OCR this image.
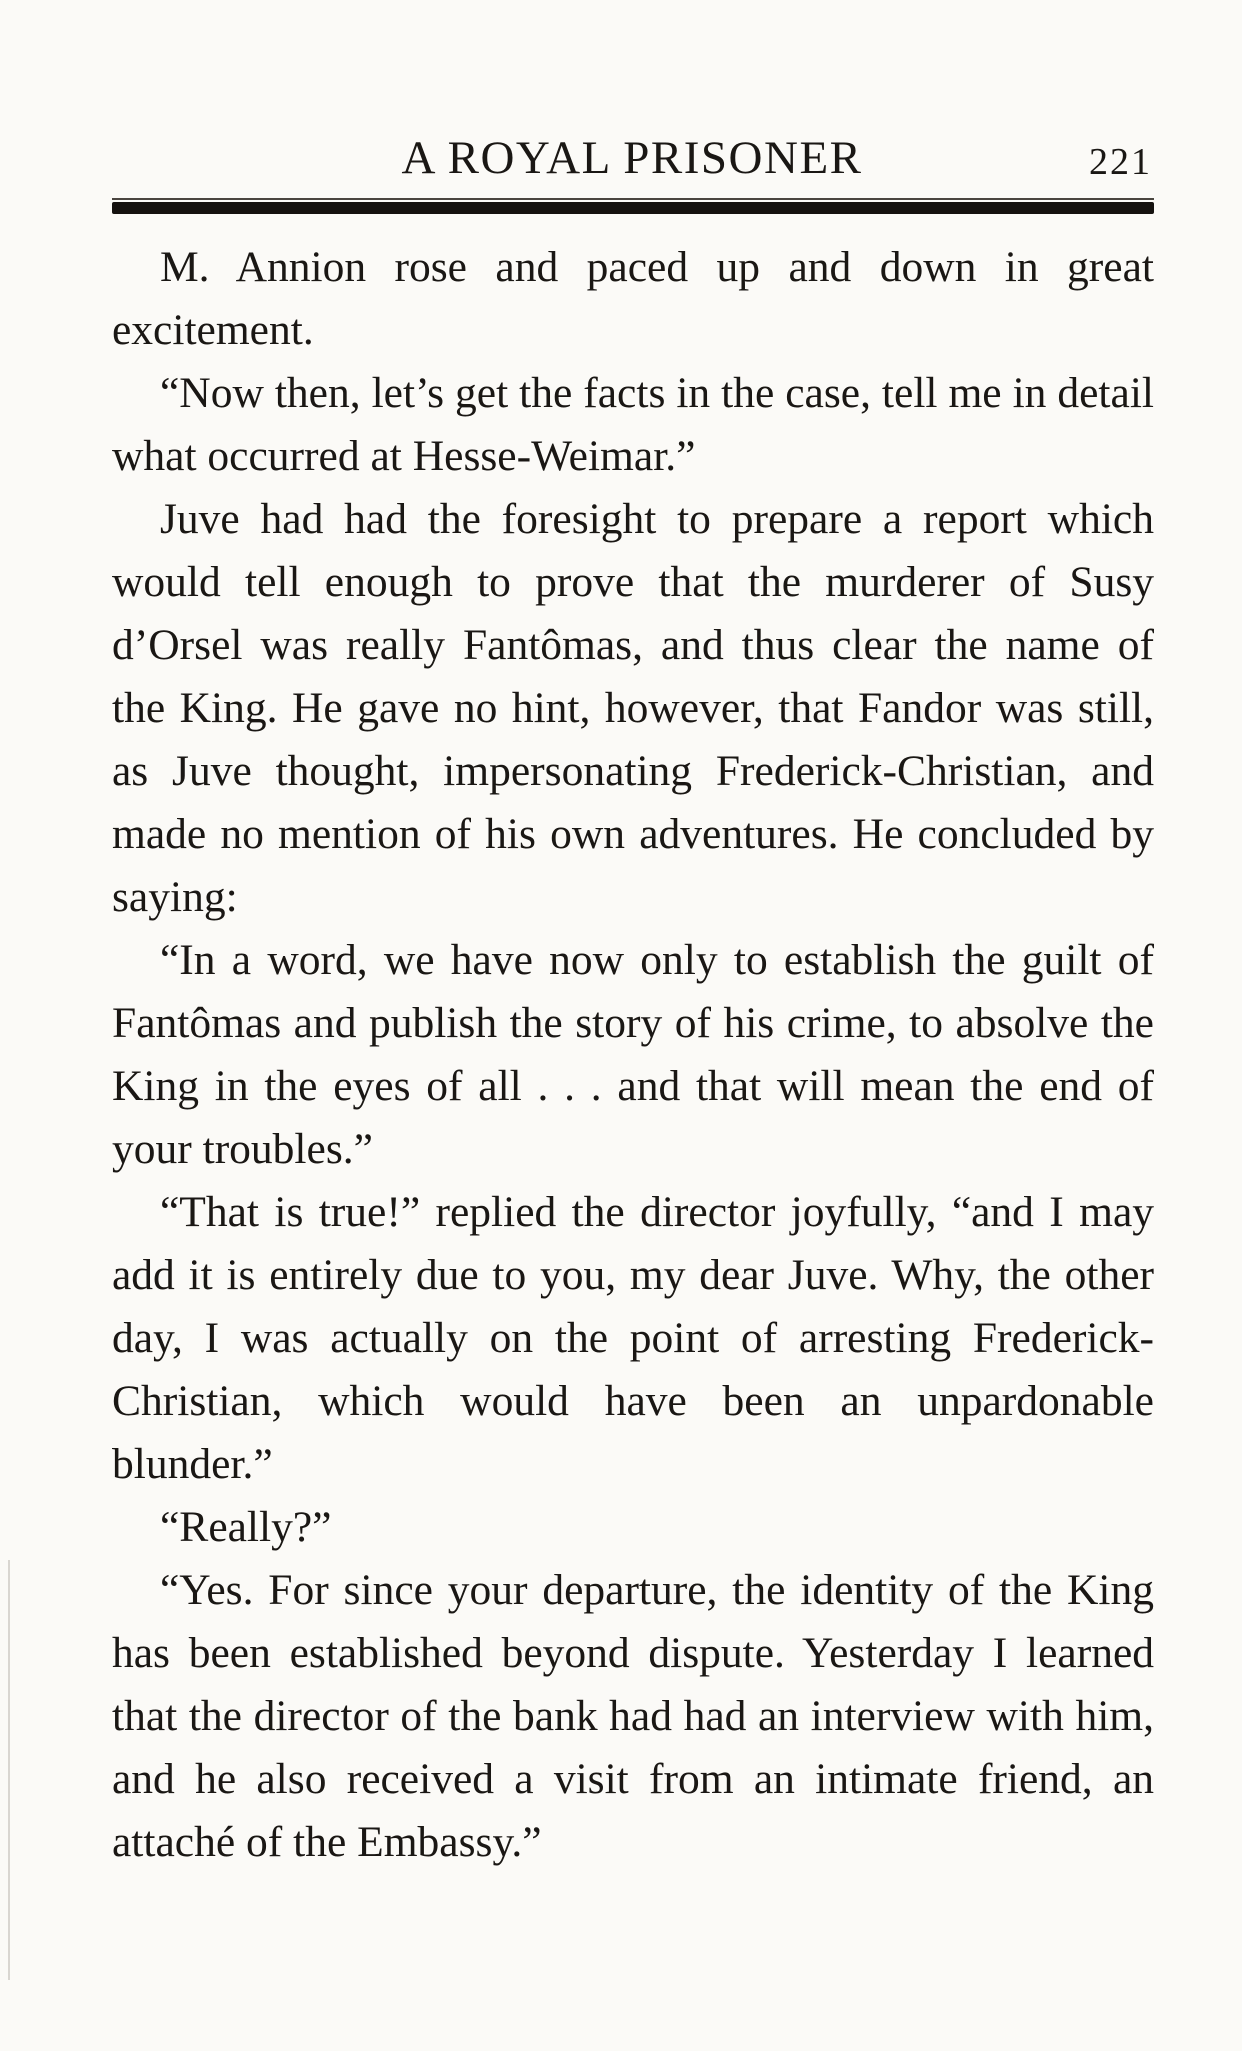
A ROYAL PRISONER	221

M. Annion rose and paced up and down in great excitement.

“Now then, let’s get the facts in the case, tell me in detail what occurred at Hesse-Weimar.”

Juve had had the foresight to prepare a report which would tell enough to prove that the murderer of Susy d’Orsel was really Fantômas, and thus clear the name of the King. He gave no hint, however, that Fandor was still, as Juve thought, impersonating Frederick-Christian, and made no mention of his own adventures. He concluded by saying:

“In a word, we have now only to establish the guilt of Fantômas and publish the story of his crime, to absolve the King in the eyes of all . . . and that will mean the end of your troubles.”

“That is true!” replied the director joyfully, “and I may add it is entirely due to you, my dear Juve. Why, the other day, I was actually on the point of arresting Frederick-Christian, which would have been an unpardonable blunder.”

“Really?”

“Yes. For since your departure, the identity of the King has been established beyond dispute. Yesterday I learned that the director of the bank had had an interview with him, and he also received a visit from an intimate friend, an attaché of the Embassy.”
